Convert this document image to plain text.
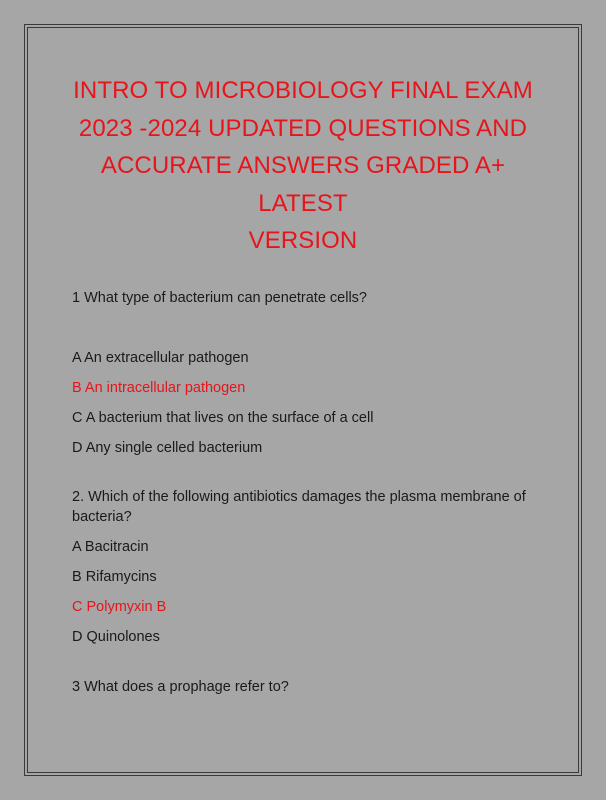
INTRO TO MICROBIOLOGY FINAL EXAM
2023 -2024 UPDATED QUESTIONS AND
ACCURATE ANSWERS GRADED A+ LATEST
VERSION

1 What type of bacterium can penetrate cells?

A An extracellular pathogen
B An intracellular pathogen
C A bacterium that lives on the surface of a cell
D Any single celled bacterium

2. Which of the following antibiotics damages the plasma membrane of bacteria?

A Bacitracin
B Rifamycins
C Polymyxin B
D Quinolones

3 What does a prophage refer to?
